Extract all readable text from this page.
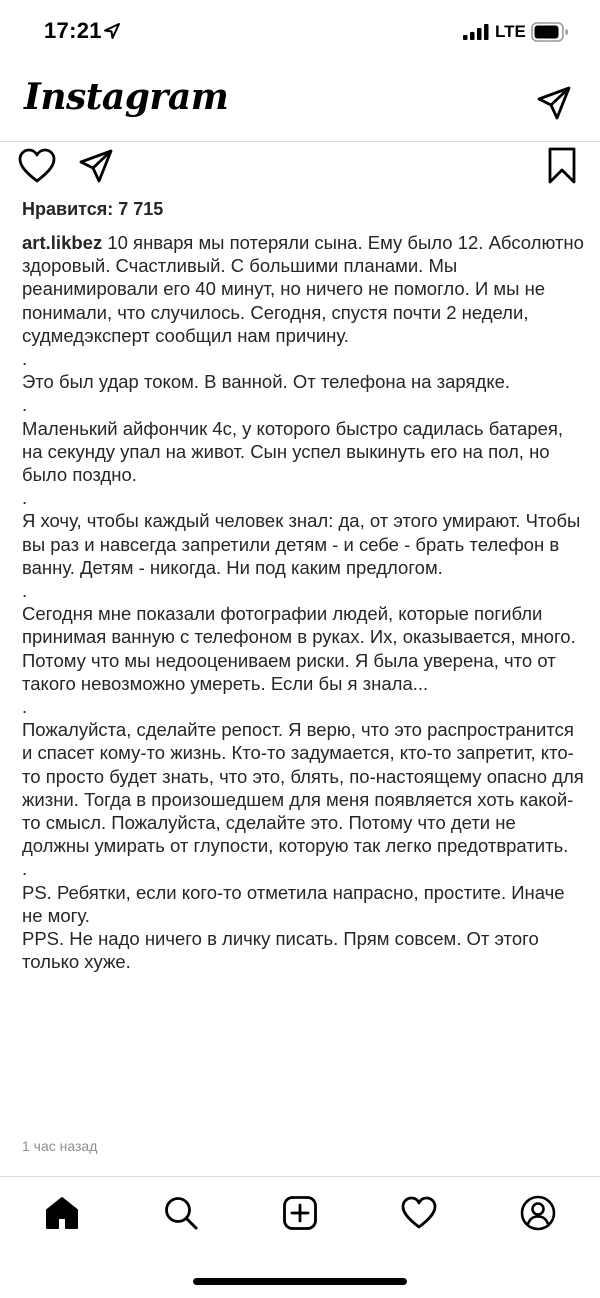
17:21	LTE
Instagram
Нравится: 7 715
art.likbez 10 января мы потеряли сына. Ему было 12. Абсолютно здоровый. Счастливый. С большими планами. Мы реанимировали его 40 минут, но ничего не помогло. И мы не понимали, что случилось. Сегодня, спустя почти 2 недели, судмедэксперт сообщил нам причину.
.
Это был удар током. В ванной. От телефона на зарядке.
.
Маленький айфончик 4с, у которого быстро садилась батарея, на секунду упал на живот. Сын успел выкинуть его на пол, но было поздно.
.
Я хочу, чтобы каждый человек знал: да, от этого умирают. Чтобы вы раз и навсегда запретили детям - и себе - брать телефон в ванну. Детям - никогда. Ни под каким предлогом.
.
Сегодня мне показали фотографии людей, которые погибли принимая ванную с телефоном в руках. Их, оказывается, много. Потому что мы недооцениваем риски. Я была уверена, что от такого невозможно умереть. Если бы я знала...
.
Пожалуйста, сделайте репост. Я верю, что это распространится и спасет кому-то жизнь. Кто-то задумается, кто-то запретит, кто-то просто будет знать, что это, блять, по-настоящему опасно для жизни. Тогда в произошедшем для меня появляется хоть какой-то смысл. Пожалуйста, сделайте это. Потому что дети не должны умирать от глупости, которую так легко предотвратить.
.
PS. Ребятки, если кого-то отметила напрасно, простите. Иначе не могу.
PPS. Не надо ничего в личку писать. Прям совсем. От этого только хуже.
1 час назад
